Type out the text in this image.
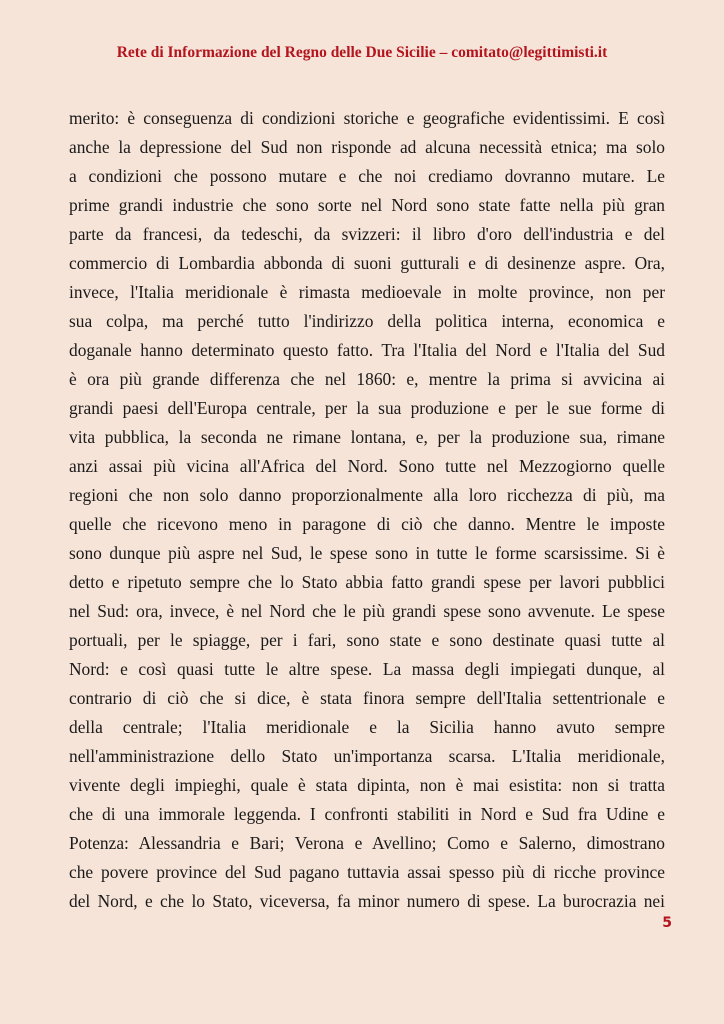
Rete di Informazione del Regno delle Due Sicilie – comitato@legittimisti.it
merito: è conseguenza di condizioni storiche e geografiche evidentissimi. E così
anche la depressione del Sud non risponde ad alcuna necessità etnica; ma solo
a condizioni che possono mutare e che noi crediamo dovranno mutare. Le
prime grandi industrie che sono sorte nel Nord sono state fatte nella più gran
parte da francesi, da tedeschi, da svizzeri: il libro d'oro dell'industria e del
commercio di Lombardia abbonda di suoni gutturali e di desinenze aspre. Ora,
invece, l'Italia meridionale è rimasta medioevale in molte province, non per
sua colpa, ma perché tutto l'indirizzo della politica interna, economica e
doganale hanno determinato questo fatto. Tra l'Italia del Nord e l'Italia del Sud
è ora più grande differenza che nel 1860: e, mentre la prima si avvicina ai
grandi paesi dell'Europa centrale, per la sua produzione e per le sue forme di
vita pubblica, la seconda ne rimane lontana, e, per la produzione sua, rimane
anzi assai più vicina all'Africa del Nord. Sono tutte nel Mezzogiorno quelle
regioni che non solo danno proporzionalmente alla loro ricchezza di più, ma
quelle che ricevono meno in paragone di ciò che danno. Mentre le imposte
sono dunque più aspre nel Sud, le spese sono in tutte le forme scarsissime. Si è
detto e ripetuto sempre che lo Stato abbia fatto grandi spese per lavori pubblici
nel Sud: ora, invece, è nel Nord che le più grandi spese sono avvenute. Le spese
portuali, per le spiagge, per i fari, sono state e sono destinate quasi tutte al
Nord: e così quasi tutte le altre spese. La massa degli impiegati dunque, al
contrario di ciò che si dice, è stata finora sempre dell'Italia settentrionale e
della centrale; l'Italia meridionale e la Sicilia hanno avuto sempre
nell'amministrazione dello Stato un'importanza scarsa. L'Italia meridionale,
vivente degli impieghi, quale è stata dipinta, non è mai esistita: non si tratta
che di una immorale leggenda. I confronti stabiliti in Nord e Sud fra Udine e
Potenza: Alessandria e Bari; Verona e Avellino; Como e Salerno, dimostrano
che povere province del Sud pagano tuttavia assai spesso più di ricche province
del Nord, e che lo Stato, viceversa, fa minor numero di spese. La burocrazia nei
5
